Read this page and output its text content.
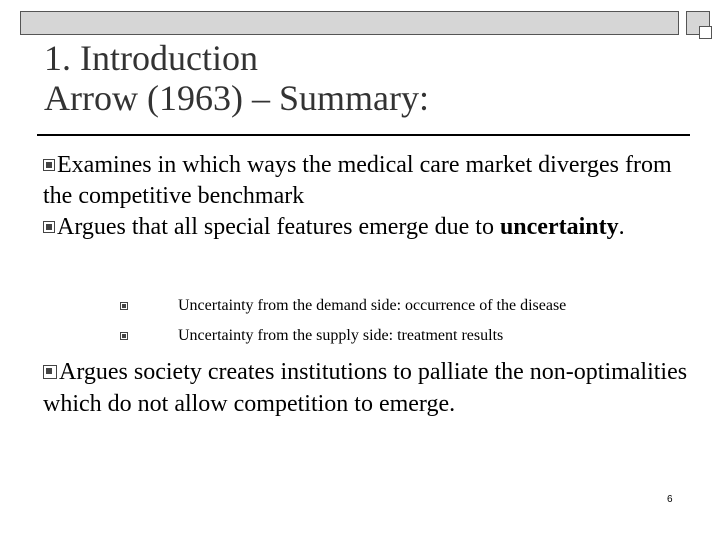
1. Introduction
Arrow (1963) – Summary:

Examines in which ways the medical care market diverges from the competitive benchmark

Argues that all special features emerge due to uncertainty.

Uncertainty from the demand side: occurrence of the disease
Uncertainty from the supply side: treatment results
Argues society creates institutions to palliate the non-optimalities which do not allow competition to emerge.
6
